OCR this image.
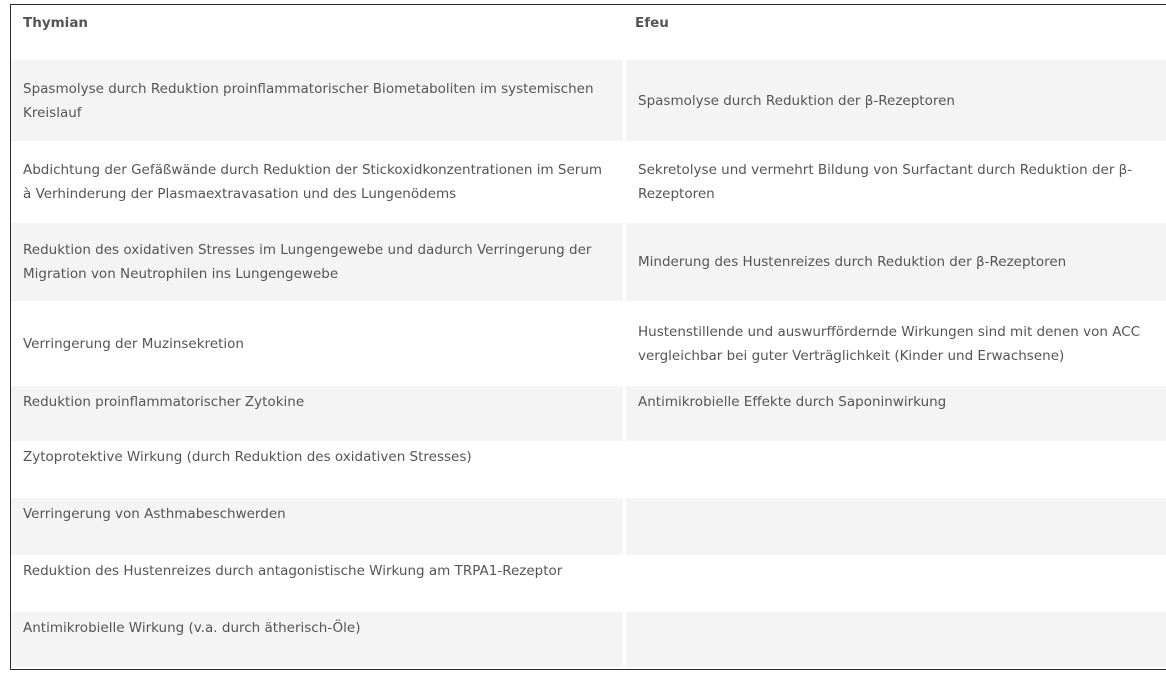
Thymian	Efeu
Spasmolyse durch Reduktion proinflammatorischer Biometaboliten im systemischen Kreislauf	Spasmolyse durch Reduktion der β-Rezeptoren
Abdichtung der Gefäßwände durch Reduktion der Stickoxidkonzentrationen im Serum à Verhinderung der Plasmaextravasation und des Lungenödems	Sekretolyse und vermehrt Bildung von Surfactant durch Reduktion der β-Rezeptoren
Reduktion des oxidativen Stresses im Lungengewebe und dadurch Verringerung der Migration von Neutrophilen ins Lungengewebe	Minderung des Hustenreizes durch Reduktion der β-Rezeptoren
Verringerung der Muzinsekretion	Hustenstillende und auswurffördernde Wirkungen sind mit denen von ACC vergleichbar bei guter Verträglichkeit (Kinder und Erwachsene)
Reduktion proinflammatorischer Zytokine	Antimikrobielle Effekte durch Saponinwirkung
Zytoprotektive Wirkung (durch Reduktion des oxidativen Stresses)	
Verringerung von Asthmabeschwerden	
Reduktion des Hustenreizes durch antagonistische Wirkung am TRPA1-Rezeptor	
Antimikrobielle Wirkung (v.a. durch ätherisch-Öle)	
